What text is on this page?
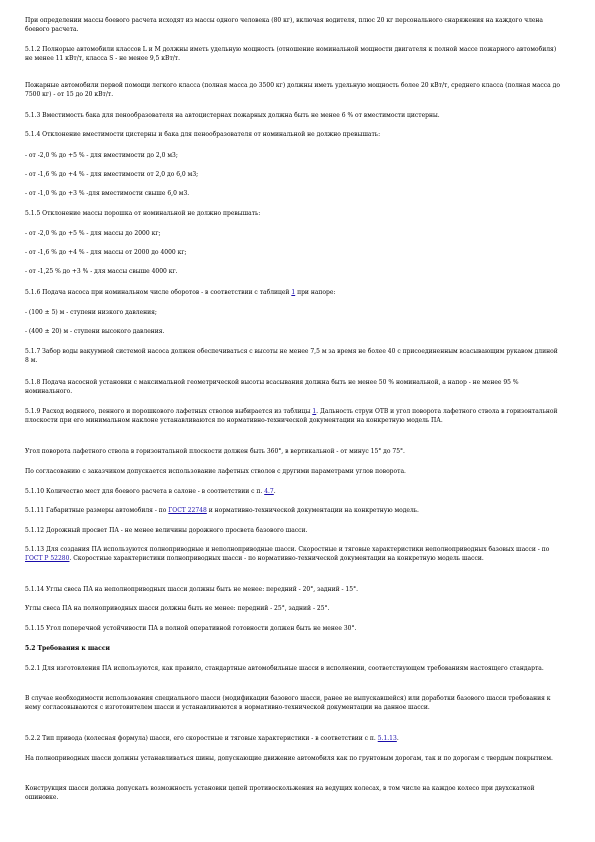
При определении массы боевого расчета исходят из массы одного человека (80 кг), включая водителя, плюс 20 кг персонального снаряжения на каждого члена боевого расчета.

5.1.2 Полнорые автомобили классов L и M должны иметь удельную мощность (отношение номинальной мощности двигателя к полной массе пожарного автомобиля) не менее 11 кВт/т, класса S - не менее 9,5 кВт/т.

Пожарные автомобили первой помощи легкого класса (полная масса до 3500 кг) должны иметь удельную мощность более 20 кВт/т, среднего класса (полная масса до 7500 кг) - от 15 до 20 кВт/т.

5.1.3 Вместимость бака для пенообразователя на автоцистернах пожарных должна быть не менее 6 % от вместимости цистерны.

5.1.4 Отклонение вместимости цистерны и бака для пенообразователя от номинальной не должно превышать:

- от -2,0 % до +5 % - для вместимости до 2,0 м3;

- от -1,6 % до +4 % - для вместимости от 2,0 до 6,0 м3;

- от -1,0 % до +3 % -для вместимости свыше 6,0 м3.

5.1.5 Отклонение массы порошка от номинальной не должно превышать:

- от -2,0 % до +5 % - для массы до 2000 кг;

- от -1,6 % до +4 % - для массы от 2000 до 4000 кг;

- от -1,25 % до +3 % - для массы свыше 4000 кг.

5.1.6 Подача насоса при номинальном числе оборотов - в соответствии с таблицей 1 при напоре:

- (100 ± 5) м - ступени низкого давления;

- (400 ± 20) м - ступени высокого давления.

5.1.7 Забор воды вакуумной системой насоса должен обеспечиваться с высоты не менее 7,5 м за время не более 40 с присоединенным всасывающим рукавом длиной 8 м.

5.1.8 Подача насосной установки с максимальной геометрической высоты всасывания должна быть не менее 50 % номинальной, а напор - не менее 95 % номинального.

5.1.9 Расход водяного, пенного и порошкового лафетных стволов выбирается из таблицы 1. Дальность струи ОТВ и угол поворота лафетного ствола в горизонтальной плоскости при его минимальном наклоне устанавливаются по нормативно-технической документации на конкретную модель ПА.

Угол поворота лафетного ствола в горизонтальной плоскости должен быть 360°, в вертикальной - от минус 15° до 75°.

По согласованию с заказчиком допускается использование лафетных стволов с другими параметрами углов поворота.

5.1.10 Количество мест для боевого расчета в салоне - в соответствии с п. 4.7.

5.1.11 Габаритные размеры автомобиля - по ГОСТ 22748 и нормативно-технической документации на конкретную модель.

5.1.12 Дорожный просвет ПА - не менее величины дорожного просвета базового шасси.

5.1.13 Для создания ПА используются полноприводные и неполноприводные шасси. Скоростные и тяговые характеристики неполноприводных базовых шасси - по ГОСТ Р 52280. Скоростные характеристики полноприводных шасси - по нормативно-технической документации на конкретную модель шасси.

5.1.14 Углы свеса ПА на неполноприводных шасси должны быть не менее: передний - 20°, задний - 15°.

Углы свеса ПА на полноприводных шасси должны быть не менее: передний - 25°, задний - 25°.

5.1.15 Угол поперечной устойчивости ПА в полной оперативной готовности должен быть не менее 30°.

5.2 Требования к шасси

5.2.1 Для изготовления ПА используются, как правило, стандартные автомобильные шасси в исполнении, соответствующем требованиям настоящего стандарта.

В случае необходимости использования специального шасси (модификации базового шасси, ранее не выпускавшейся) или доработки базового шасси требования к нему согласовываются с изготовителем шасси и устанавливаются в нормативно-технической документации на данное шасси.

5.2.2 Тип привода (колесная формула) шасси, его скоростные и тяговые характеристики - в соответствии с п. 5.1.13.

На полноприводных шасси должны устанавливаться шины, допускающие движение автомобиля как по грунтовым дорогам, так и по дорогам с твердым покрытием.

Конструкция шасси должна допускать возможность установки цепей противоскольжения на ведущих колесах, в том числе на каждое колесо при двухскатной ошиновке.
